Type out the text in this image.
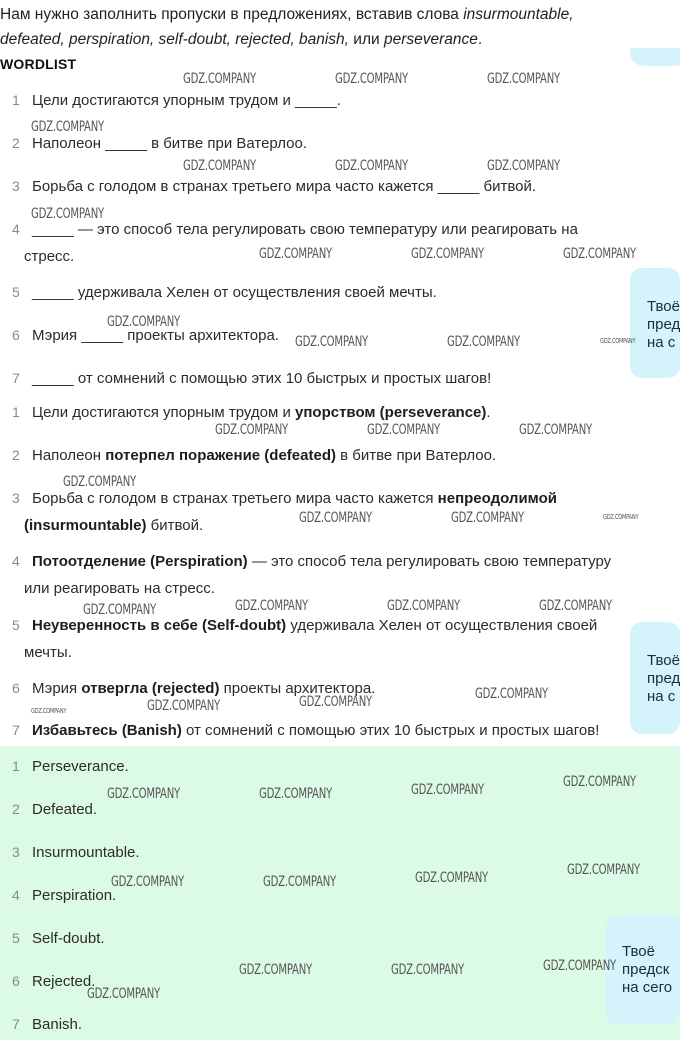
Нам нужно заполнить пропуски в предложениях, вставив слова insurmountable, defeated, perspiration, self-doubt, rejected, banish, или perseverance.
WORDLIST
1 Цели достигаются упорным трудом и _____.
2 Наполеон _____ в битве при Ватерлоо.
3 Борьба с голодом в странах третьего мира часто кажется _____ битвой.
4 _____ — это способ тела регулировать свою температуру или реагировать на
стресс.
5 _____ удерживала Хелен от осуществления своей мечты.
6 Мэрия _____ проекты архитектора.
7 _____ от сомнений с помощью этих 10 быстрых и простых шагов!
1 Цели достигаются упорным трудом и упорством (perseverance).
2 Наполеон потерпел поражение (defeated) в битве при Ватерлоо.
3 Борьба с голодом в странах третьего мира часто кажется непреодолимой
(insurmountable) битвой.
4 Потоотделение (Perspiration) — это способ тела регулировать свою температуру
или реагировать на стресс.
5 Неуверенность в себе (Self-doubt) удерживала Хелен от осуществления своей
мечты.
6 Мэрия отвергла (rejected) проекты архитектора.
7 Избавьтесь (Banish) от сомнений с помощью этих 10 быстрых и простых шагов!
1 Perseverance.
2 Defeated.
3 Insurmountable.
4 Perspiration.
5 Self-doubt.
6 Rejected.
7 Banish.
Твоё
пред
на с
Твоё
пред
на с
Твоё
предск
на сего
GDZ.COMPANY	GDZ.COMPANY	GDZ.COMPANY
GDZ.COMPANY
GDZ.COMPANY	GDZ.COMPANY	GDZ.COMPANY
GDZ.COMPANY
GDZ.COMPANY	GDZ.COMPANY	GDZ.COMPANY
GDZ.COMPANY
GDZ.COMPANY	GDZ.COMPANY	GDZ.COMPANY
GDZ.COMPANY	GDZ.COMPANY	GDZ.COMPANY
GDZ.COMPANY
GDZ.COMPANY	GDZ.COMPANY	GDZ.COMPANY
GDZ.COMPANY	GDZ.COMPANY	GDZ.COMPANY	GDZ.COMPANY
GDZ.COMPANY
GDZ.COMPANY	GDZ.COMPANY	GDZ.COMPANY
GDZ.COMPANY
GDZ.COMPANY	GDZ.COMPANY	GDZ.COMPANY
GDZ.COMPANY
GDZ.COMPANY	GDZ.COMPANY	GDZ.COMPANY
GDZ.COMPANY	GDZ.COMPANY	GDZ.COMPANY
GDZ.COMPANY
